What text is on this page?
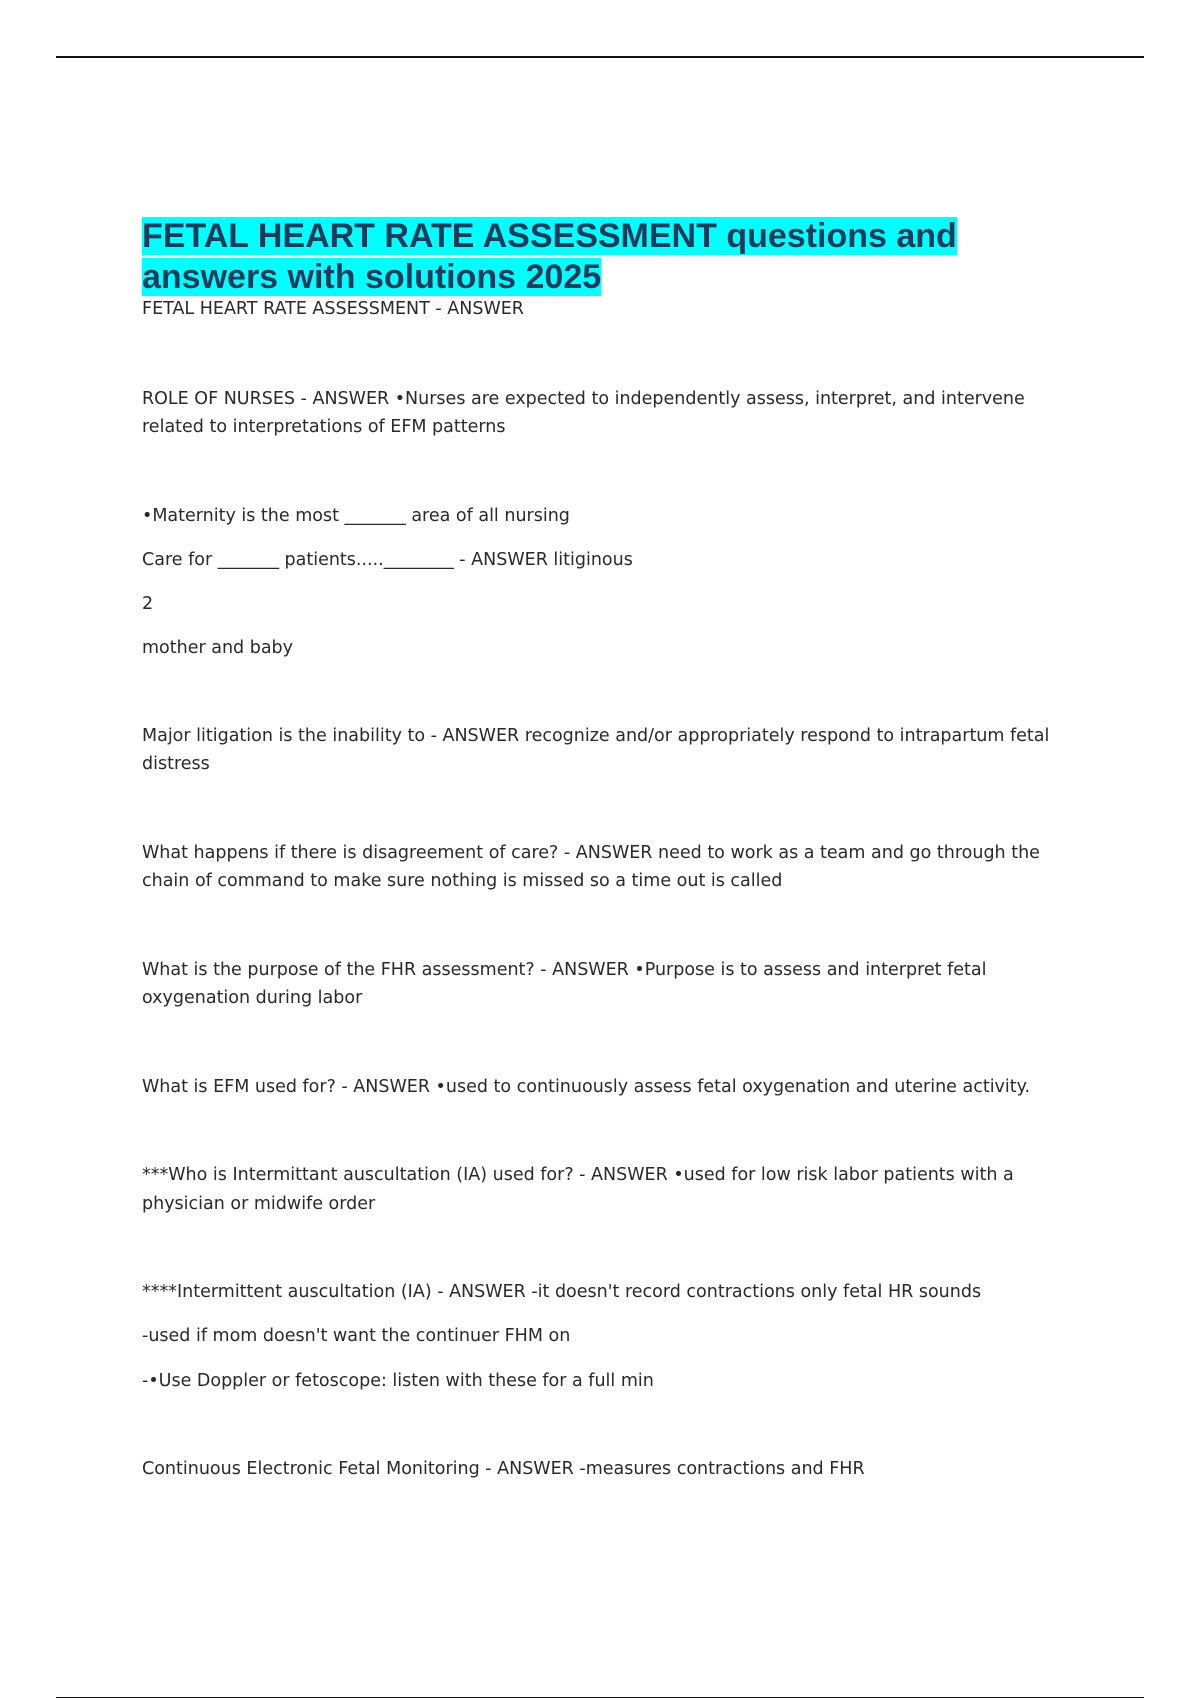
FETAL HEART RATE ASSESSMENT questions and
answers with solutions 2025
FETAL HEART RATE ASSESSMENT - ANSWER
ROLE OF NURSES - ANSWER •Nurses are expected to independently assess, interpret, and intervene
related to interpretations of EFM patterns
•Maternity is the most _______ area of all nursing
Care for _______ patients.....________ - ANSWER litiginous
2
mother and baby
Major litigation is the inability to - ANSWER recognize and/or appropriately respond to intrapartum fetal
distress
What happens if there is disagreement of care? - ANSWER need to work as a team and go through the
chain of command to make sure nothing is missed so a time out is called
What is the purpose of the FHR assessment? - ANSWER •Purpose is to assess and interpret fetal
oxygenation during labor
What is EFM used for? - ANSWER •used to continuously assess fetal oxygenation and uterine activity.
***Who is Intermittant auscultation (IA) used for? - ANSWER •used for low risk labor patients with a
physician or midwife order
****Intermittent auscultation (IA) - ANSWER -it doesn't record contractions only fetal HR sounds
-used if mom doesn't want the continuer FHM on
-•Use Doppler or fetoscope: listen with these for a full min
Continuous Electronic Fetal Monitoring - ANSWER -measures contractions and FHR
